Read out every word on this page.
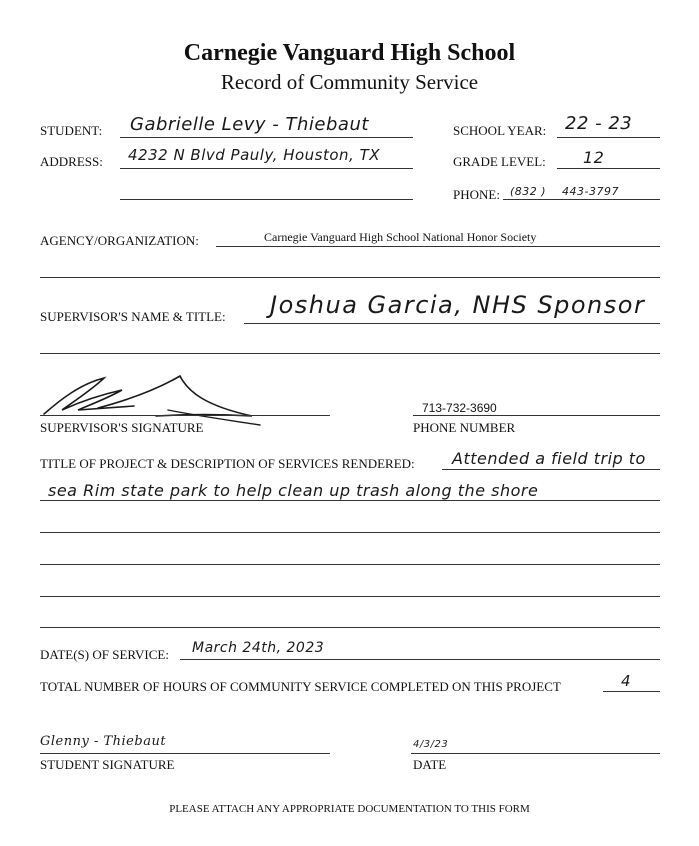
Carnegie Vanguard High School
Record of Community Service
STUDENT: Gabrielle Levy - Thiebaut	SCHOOL YEAR: 22 - 23
ADDRESS: 4232 N Blvd Pauly, Houston, TX	GRADE LEVEL: 12
PHONE: (832 ) 443-3797
AGENCY/ORGANIZATION:	Carnegie Vanguard High School National Honor Society
SUPERVISOR'S NAME & TITLE: Joshua Garcia, NHS Sponsor
SUPERVISOR'S SIGNATURE
713-732-3690
PHONE NUMBER
TITLE OF PROJECT & DESCRIPTION OF SERVICES RENDERED: Attended a field trip to
sea Rim state park to help clean up trash along the shore
DATE(S) OF SERVICE: March 24th, 2023
TOTAL NUMBER OF HOURS OF COMMUNITY SERVICE COMPLETED ON THIS PROJECT	4
Glenny - Thiebaut
STUDENT SIGNATURE
4/3/23
DATE
PLEASE ATTACH ANY APPROPRIATE DOCUMENTATION TO THIS FORM
